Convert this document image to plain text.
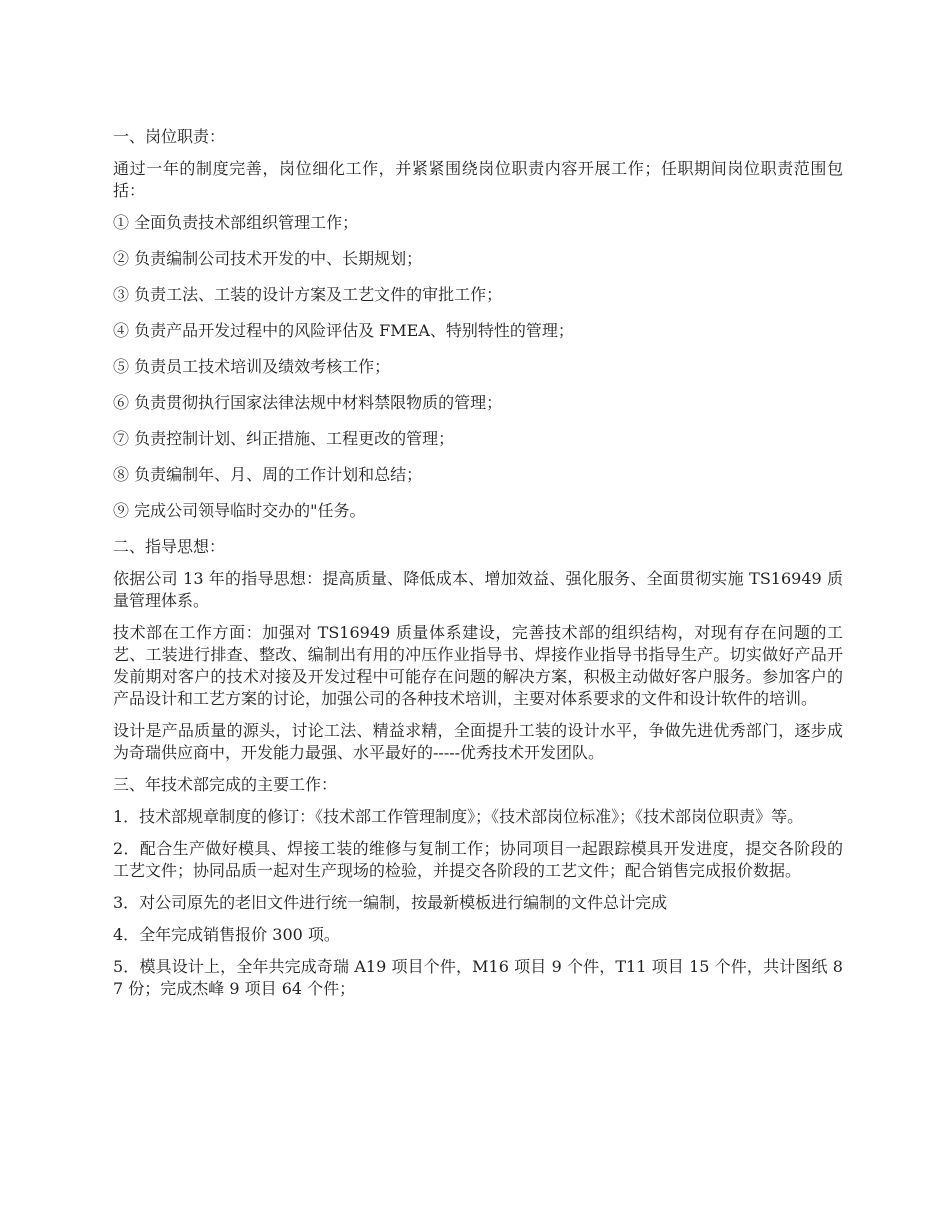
一、岗位职责：

通过一年的制度完善，岗位细化工作，并紧紧围绕岗位职责内容开展工作；任职期间岗位职责范围包括：

① 全面负责技术部组织管理工作；

② 负责编制公司技术开发的中、长期规划；

③ 负责工法、工装的设计方案及工艺文件的审批工作；

④ 负责产品开发过程中的风险评估及 FMEA、特别特性的管理；

⑤ 负责员工技术培训及绩效考核工作；

⑥ 负责贯彻执行国家法律法规中材料禁限物质的管理；

⑦ 负责控制计划、纠正措施、工程更改的管理；

⑧ 负责编制年、月、周的工作计划和总结；

⑨ 完成公司领导临时交办的"任务。

二、指导思想：

依据公司 13 年的指导思想：提高质量、降低成本、增加效益、强化服务、全面贯彻实施 TS16949 质量管理体系。

技术部在工作方面：加强对 TS16949 质量体系建设，完善技术部的组织结构，对现有存在问题的工艺、工装进行排查、整改、编制出有用的冲压作业指导书、焊接作业指导书指导生产。切实做好产品开发前期对客户的技术对接及开发过程中可能存在问题的解决方案，积极主动做好客户服务。参加客户的产品设计和工艺方案的讨论，加强公司的各种技术培训，主要对体系要求的文件和设计软件的培训。

设计是产品质量的源头，讨论工法、精益求精，全面提升工装的设计水平，争做先进优秀部门，逐步成为奇瑞供应商中，开发能力最强、水平最好的-----优秀技术开发团队。

三、年技术部完成的主要工作：

1．技术部规章制度的修订：《技术部工作管理制度》；《技术部岗位标准》；《技术部岗位职责》等。

2．配合生产做好模具、焊接工装的维修与复制工作；协同项目一起跟踪模具开发进度，提交各阶段的工艺文件；协同品质一起对生产现场的检验，并提交各阶段的工艺文件；配合销售完成报价数据。

3．对公司原先的老旧文件进行统一编制，按最新模板进行编制的文件总计完成

4．全年完成销售报价 300 项。

5．模具设计上，全年共完成奇瑞 A19 项目个件，M16 项目 9 个件，T11 项目 15 个件，共计图纸 87 份；完成杰峰 9 项目 64 个件；
